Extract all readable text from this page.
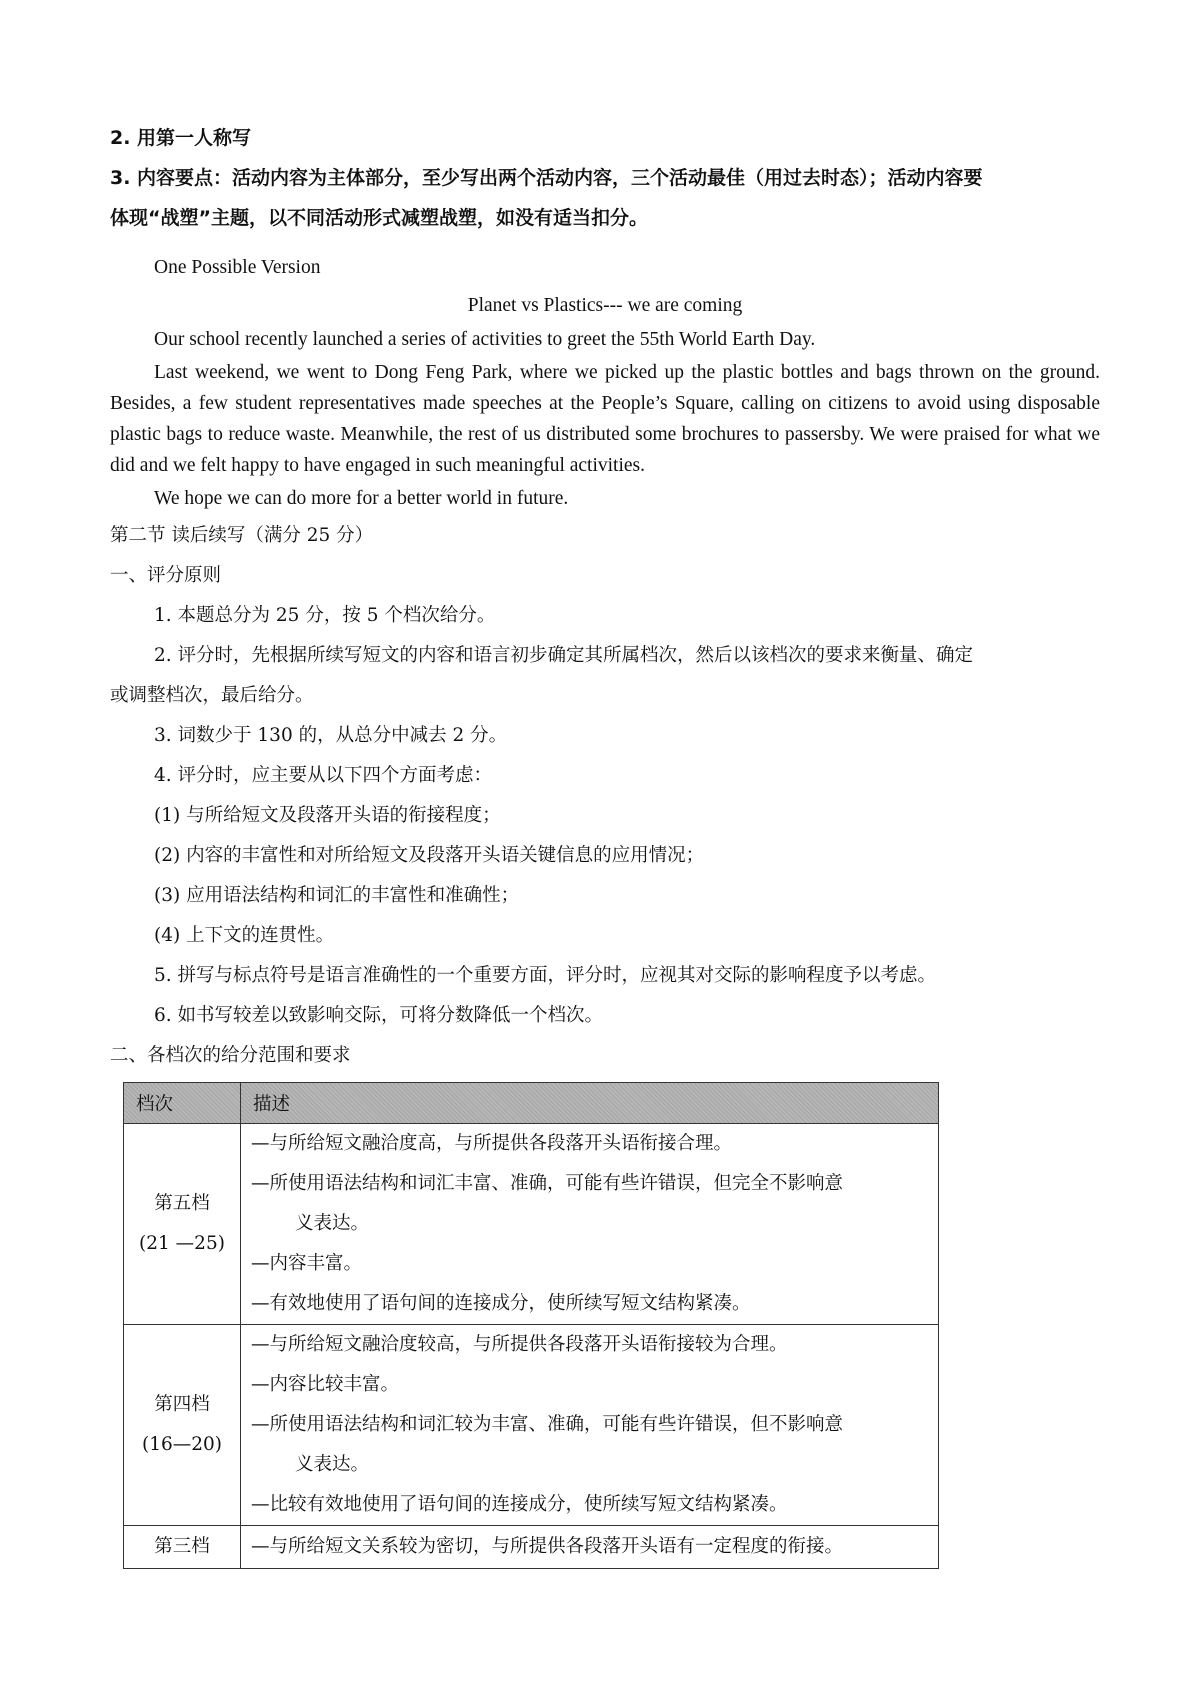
2. 用第一人称写

3. 内容要点：活动内容为主体部分，至少写出两个活动内容，三个活动最佳（用过去时态）；活动内容要

体现“战塑”主题，以不同活动形式减塑战塑，如没有适当扣分。

One Possible Version
Planet vs Plastics--- we are coming

Our school recently launched a series of activities to greet the 55th World Earth Day.

Last weekend, we went to Dong Feng Park, where we picked up the plastic bottles and bags thrown on the ground. Besides, a few student representatives made speeches at the People’s Square, calling on citizens to avoid using disposable plastic bags to reduce waste. Meanwhile, the rest of us distributed some brochures to passersby. We were praised for what we did and we felt happy to have engaged in such meaningful activities.

We hope we can do more for a better world in future.

第二节 读后续写（满分 25 分）

一、评分原则

1. 本题总分为 25 分，按 5 个档次给分。

2. 评分时，先根据所续写短文的内容和语言初步确定其所属档次，然后以该档次的要求来衡量、确定

或调整档次，最后给分。

3. 词数少于 130 的，从总分中减去 2 分。

4. 评分时，应主要从以下四个方面考虑：

(1) 与所给短文及段落开头语的衔接程度；

(2) 内容的丰富性和对所给短文及段落开头语关键信息的应用情况；

(3) 应用语法结构和词汇的丰富性和准确性；

(4) 上下文的连贯性。

5. 拼写与标点符号是语言准确性的一个重要方面，评分时，应视其对交际的影响程度予以考虑。

6. 如书写较差以致影响交际，可将分数降低一个档次。

二、各档次的给分范围和要求

档次	描述

第五档
(21 —25)	—与所给短文融洽度高，与所提供各段落开头语衔接合理。
—所使用语法结构和词汇丰富、准确，可能有些许错误，但完全不影响意
义表达。
—内容丰富。
—有效地使用了语句间的连接成分，使所续写短文结构紧凑。

第四档
(16—20)	—与所给短文融洽度较高，与所提供各段落开头语衔接较为合理。
—内容比较丰富。
—所使用语法结构和词汇较为丰富、准确，可能有些许错误，但不影响意
义表达。
—比较有效地使用了语句间的连接成分，使所续写短文结构紧凑。

第三档	—与所给短文关系较为密切，与所提供各段落开头语有一定程度的衔接。
